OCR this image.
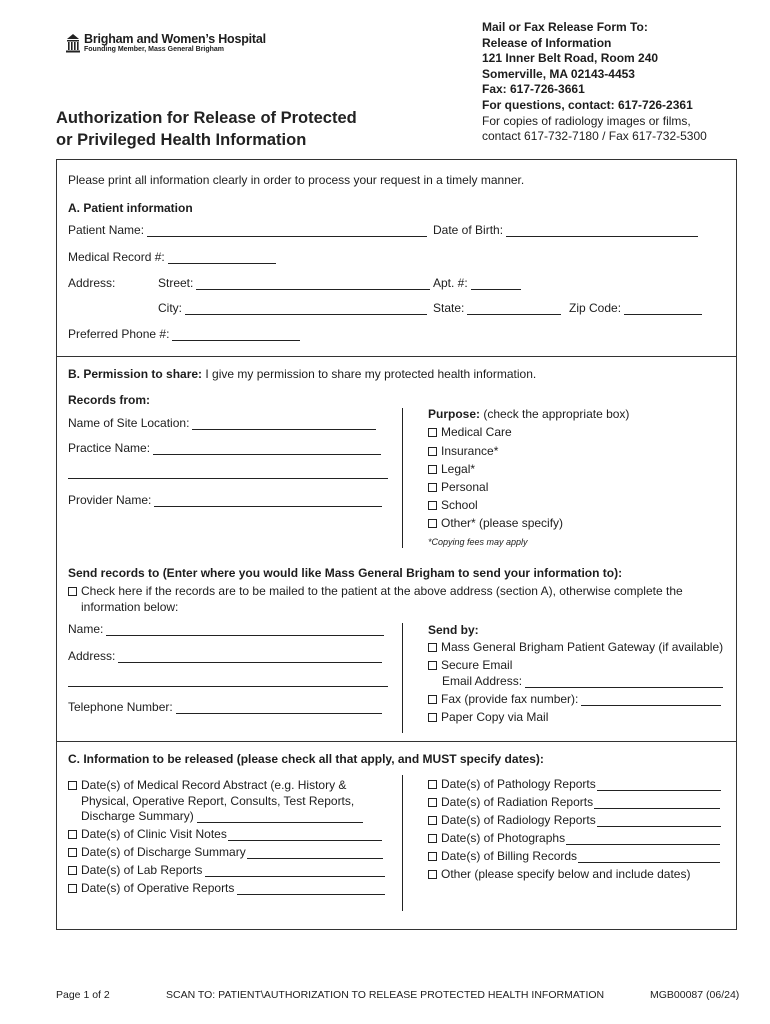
Brigham and Women’s Hospital
Founding Member, Mass General Brigham
Mail or Fax Release Form To:
Release of Information
121 Inner Belt Road, Room 240
Somerville, MA 02143-4453
Fax: 617-726-3661
For questions, contact: 617-726-2361
For copies of radiology images or films,
contact 617-732-7180 / Fax 617-732-5300
Authorization for Release of Protected
or Privileged Health Information
Please print all information clearly in order to process your request in a timely manner.
A. Patient information
Patient Name:	Date of Birth:
Medical Record #:
Address:	Street:	Apt. #:
City:	State:	Zip Code:
Preferred Phone #:
B. Permission to share: I give my permission to share my protected health information.
Records from:
Name of Site Location:
Practice Name:
Provider Name:
Purpose: (check the appropriate box)
Medical Care
Insurance*
Legal*
Personal
School
Other* (please specify)
*Copying fees may apply
Send records to (Enter where you would like Mass General Brigham to send your information to):
Check here if the records are to be mailed to the patient at the above address (section A), otherwise complete the
information below:
Name:
Address:
Telephone Number:
Send by:
Mass General Brigham Patient Gateway (if available)
Secure Email
Email Address:
Fax (provide fax number):
Paper Copy via Mail
C. Information to be released (please check all that apply, and MUST specify dates):
Date(s) of Medical Record Abstract (e.g. History &
Physical, Operative Report, Consults, Test Reports,
Discharge Summary)
Date(s) of Clinic Visit Notes
Date(s) of Discharge Summary
Date(s) of Lab Reports
Date(s) of Operative Reports
Date(s) of Pathology Reports
Date(s) of Radiation Reports
Date(s) of Radiology Reports
Date(s) of Photographs
Date(s) of Billing Records
Other (please specify below and include dates)
Page 1 of 2	SCAN TO: PATIENT\AUTHORIZATION TO RELEASE PROTECTED HEALTH INFORMATION	MGB00087 (06/24)
